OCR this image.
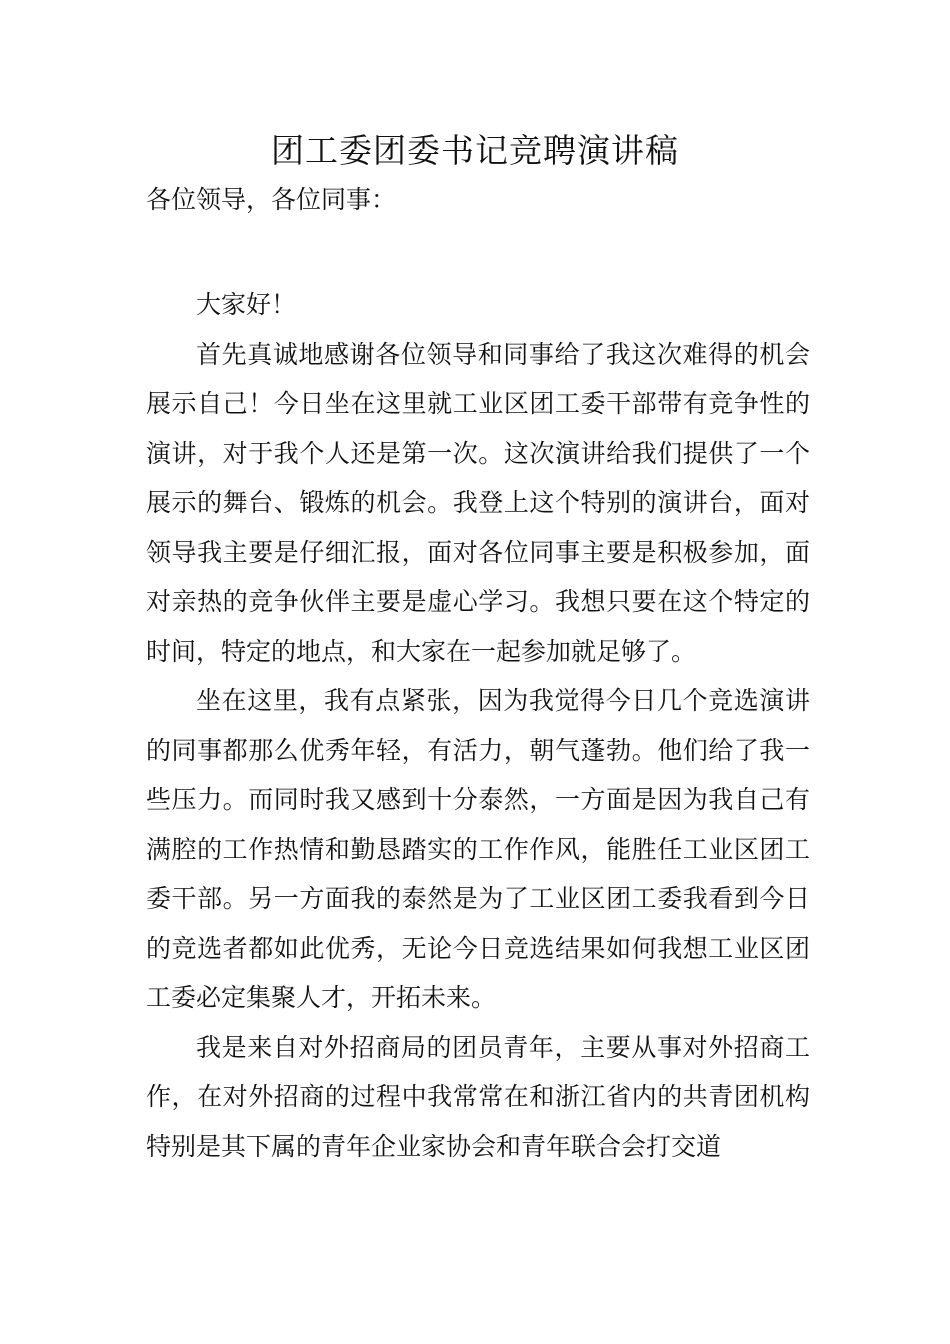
团工委团委书记竞聘演讲稿

各位领导，各位同事：

大家好！

首先真诚地感谢各位领导和同事给了我这次难得的机会展示自己！今日坐在这里就工业区团工委干部带有竞争性的演讲，对于我个人还是第一次。这次演讲给我们提供了一个展示的舞台、锻炼的机会。我登上这个特别的演讲台，面对领导我主要是仔细汇报，面对各位同事主要是积极参加，面对亲热的竞争伙伴主要是虚心学习。我想只要在这个特定的时间，特定的地点，和大家在一起参加就足够了。

坐在这里，我有点紧张，因为我觉得今日几个竞选演讲的同事都那么优秀年轻，有活力，朝气蓬勃。他们给了我一些压力。而同时我又感到十分泰然，一方面是因为我自己有满腔的工作热情和勤恳踏实的工作作风，能胜任工业区团工委干部。另一方面我的泰然是为了工业区团工委我看到今日的竞选者都如此优秀，无论今日竞选结果如何我想工业区团工委必定集聚人才，开拓未来。

我是来自对外招商局的团员青年，主要从事对外招商工作，在对外招商的过程中我常常在和浙江省内的共青团机构特别是其下属的青年企业家协会和青年联合会打交道
